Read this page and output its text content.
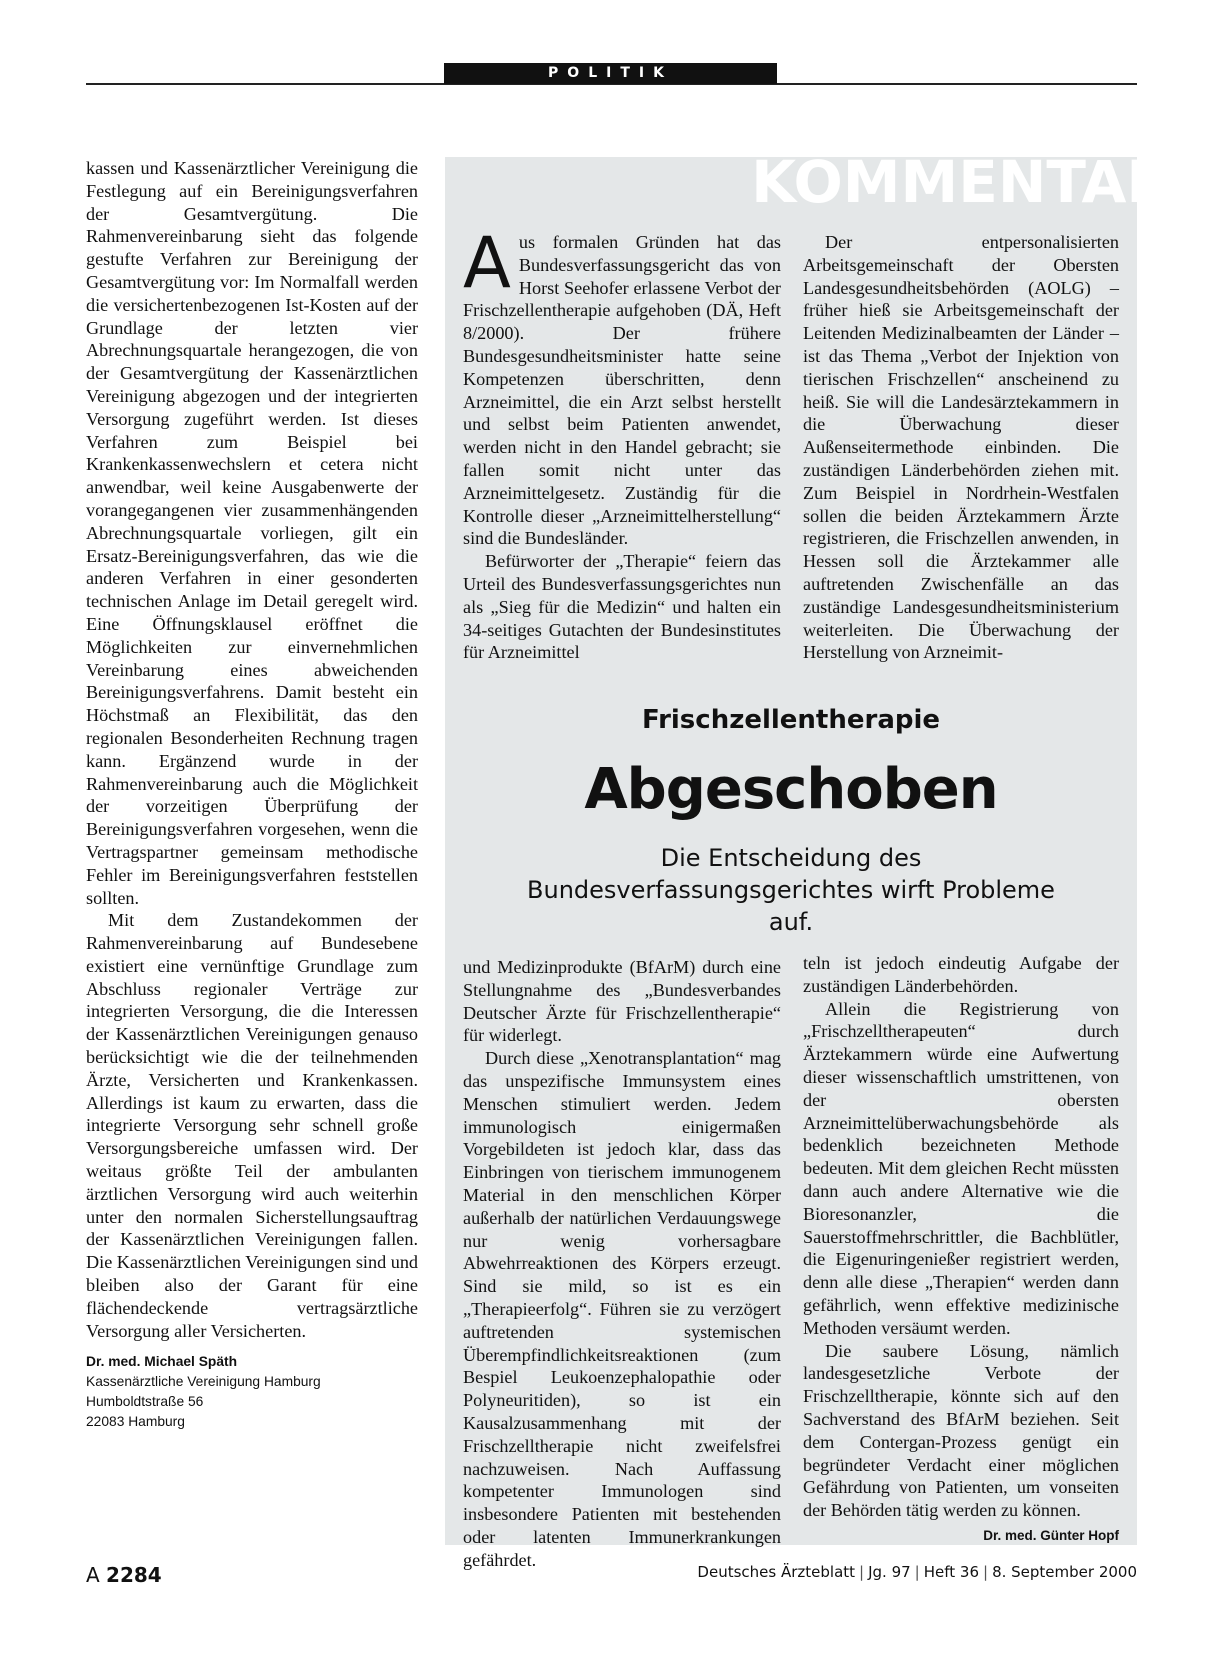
POLITIK

kassen und Kassenärztlicher Vereinigung die Festlegung auf ein Bereinigungsverfahren der Gesamtvergütung. Die Rahmenvereinbarung sieht das folgende gestufte Verfahren zur Bereinigung der Gesamtvergütung vor: Im Normalfall werden die versichertenbezogenen Ist-Kosten auf der Grundlage der letzten vier Abrechnungsquartale herangezogen, die von der Gesamtvergütung der Kassenärztlichen Vereinigung abgezogen und der integrierten Versorgung zugeführt werden. Ist dieses Verfahren zum Beispiel bei Krankenkassenwechslern et cetera nicht anwendbar, weil keine Ausgabenwerte der vorangegangenen vier zusammenhängenden Abrechnungsquartale vorliegen, gilt ein Ersatz-Bereinigungsverfahren, das wie die anderen Verfahren in einer gesonderten technischen Anlage im Detail geregelt wird. Eine Öffnungsklausel eröffnet die Möglichkeiten zur einvernehmlichen Vereinbarung eines abweichenden Bereinigungsverfahrens. Damit besteht ein Höchstmaß an Flexibilität, das den regionalen Besonderheiten Rechnung tragen kann. Ergänzend wurde in der Rahmenvereinbarung auch die Möglichkeit der vorzeitigen Überprüfung der Bereinigungsverfahren vorgesehen, wenn die Vertragspartner gemeinsam methodische Fehler im Bereinigungsverfahren feststellen sollten.

Mit dem Zustandekommen der Rahmenvereinbarung auf Bundesebene existiert eine vernünftige Grundlage zum Abschluss regionaler Verträge zur integrierten Versorgung, die die Interessen der Kassenärztlichen Vereinigungen genauso berücksichtigt wie die der teilnehmenden Ärzte, Versicherten und Krankenkassen. Allerdings ist kaum zu erwarten, dass die integrierte Versorgung sehr schnell große Versorgungsbereiche umfassen wird. Der weitaus größte Teil der ambulanten ärztlichen Versorgung wird auch weiterhin unter den normalen Sicherstellungsauftrag der Kassenärztlichen Vereinigungen fallen. Die Kassenärztlichen Vereinigungen sind und bleiben also der Garant für eine flächendeckende vertragsärztliche Versorgung aller Versicherten.

Dr. med. Michael Späth
Kassenärztliche Vereinigung Hamburg
Humboldtstraße 56
22083 Hamburg
KOMMENTAR

Aus formalen Gründen hat das Bundesverfassungsgericht das von Horst Seehofer erlassene Verbot der Frischzellentherapie aufgehoben (DÄ, Heft 8/2000). Der frühere Bundesgesundheitsminister hatte seine Kompetenzen überschritten, denn Arzneimittel, die ein Arzt selbst herstellt und selbst beim Patienten anwendet, werden nicht in den Handel gebracht; sie fallen somit nicht unter das Arzneimittelgesetz. Zuständig für die Kontrolle dieser „Arzneimittelherstellung“ sind die Bundesländer.

Befürworter der „Therapie“ feiern das Urteil des Bundesverfassungsgerichtes nun als „Sieg für die Medizin“ und halten ein 34-seitiges Gutachten der Bundesinstitutes für Arzneimittel

Der entpersonalisierten Arbeitsgemeinschaft der Obersten Landesgesundheitsbehörden (AOLG) – früher hieß sie Arbeitsgemeinschaft der Leitenden Medizinalbeamten der Länder – ist das Thema „Verbot der Injektion von tierischen Frischzellen“ anscheinend zu heiß. Sie will die Landesärztekammern in die Überwachung dieser Außenseitermethode einbinden. Die zuständigen Länderbehörden ziehen mit. Zum Beispiel in Nordrhein-Westfalen sollen die beiden Ärztekammern Ärzte registrieren, die Frischzellen anwenden, in Hessen soll die Ärztekammer alle auftretenden Zwischenfälle an das zuständige Landesgesundheitsministerium weiterleiten. Die Überwachung der Herstellung von Arzneimit-

Frischzellentherapie
Abgeschoben
Die Entscheidung des Bundesverfassungsgerichtes wirft Probleme auf.

und Medizinprodukte (BfArM) durch eine Stellungnahme des „Bundesverbandes Deutscher Ärzte für Frischzellentherapie“ für widerlegt.

Durch diese „Xenotransplantation“ mag das unspezifische Immunsystem eines Menschen stimuliert werden. Jedem immunologisch einigermaßen Vorgebildeten ist jedoch klar, dass das Einbringen von tierischem immunogenem Material in den menschlichen Körper außerhalb der natürlichen Verdauungswege nur wenig vorhersagbare Abwehrreaktionen des Körpers erzeugt. Sind sie mild, so ist es ein „Therapieerfolg“. Führen sie zu verzögert auftretenden systemischen Überempfindlichkeitsreaktionen (zum Bespiel Leukoenzephalopathie oder Polyneuritiden), so ist ein Kausalzusammenhang mit der Frischzelltherapie nicht zweifelsfrei nachzuweisen. Nach Auffassung kompetenter Immunologen sind insbesondere Patienten mit bestehenden oder latenten Immunerkrankungen gefährdet.

teln ist jedoch eindeutig Aufgabe der zuständigen Länderbehörden.

Allein die Registrierung von „Frischzelltherapeuten“ durch Ärztekammern würde eine Aufwertung dieser wissenschaftlich umstrittenen, von der obersten Arzneimittelüberwachungsbehörde als bedenklich bezeichneten Methode bedeuten. Mit dem gleichen Recht müssten dann auch andere Alternative wie die Bioresonanzler, die Sauerstoffmehrschrittler, die Bachblütler, die Eigenuringenießer registriert werden, denn alle diese „Therapien“ werden dann gefährlich, wenn effektive medizinische Methoden versäumt werden.

Die saubere Lösung, nämlich landesgesetzliche Verbote der Frischzelltherapie, könnte sich auf den Sachverstand des BfArM beziehen. Seit dem Contergan-Prozess genügt ein begründeter Verdacht einer möglichen Gefährdung von Patienten, um vonseiten der Behörden tätig werden zu können.
Dr. med. Günter Hopf

A 2284	Deutsches Ärzteblatt | Jg. 97 | Heft 36 | 8. September 2000
